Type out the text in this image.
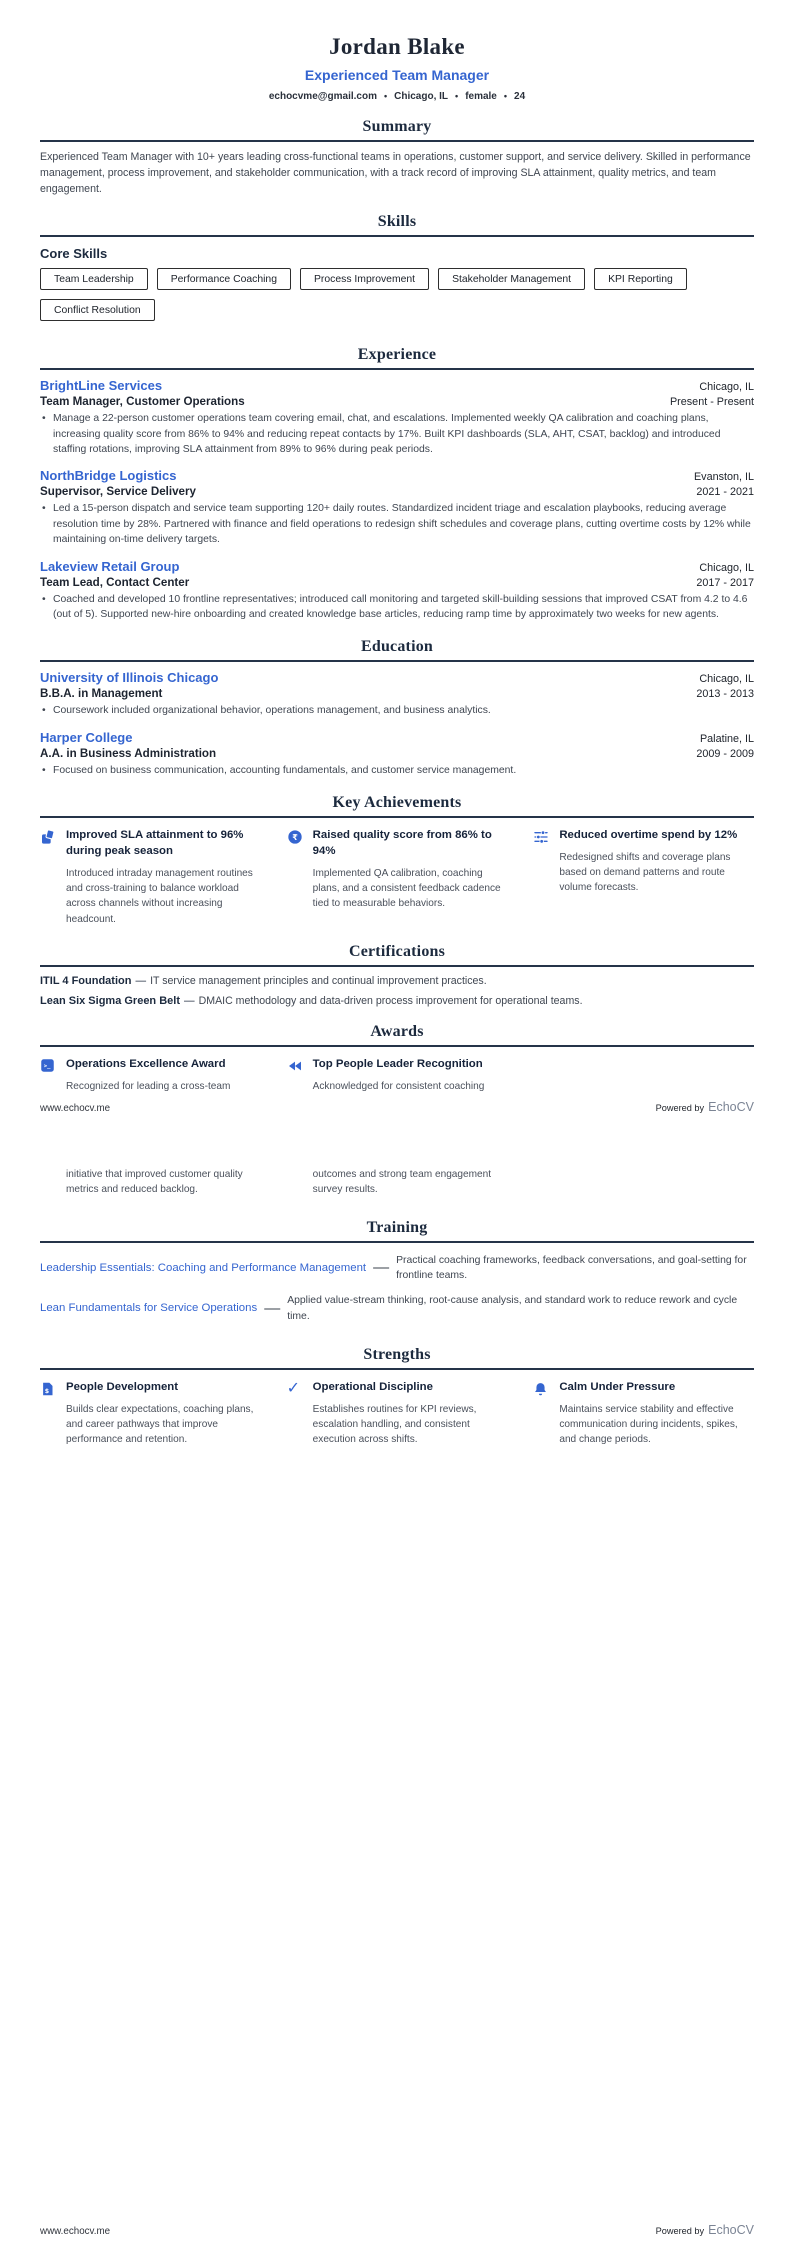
Jordan Blake
Experienced Team Manager
echocvme@gmail.com • Chicago, IL • female • 24
Summary
Experienced Team Manager with 10+ years leading cross-functional teams in operations, customer support, and service delivery. Skilled in performance management, process improvement, and stakeholder communication, with a track record of improving SLA attainment, quality metrics, and team engagement.
Skills
Core Skills
Team Leadership	Performance Coaching	Process Improvement	Stakeholder Management	KPI ReportingConflict Resolution
Experience
BrightLine Services	Chicago, IL
Team Manager, Customer Operations	Present - Present
• Manage a 22-person customer operations team covering email, chat, and escalations. Implemented weekly QA calibration and coaching plans, increasing quality score from 86% to 94% and reducing repeat contacts by 17%. Built KPI dashboards (SLA, AHT, CSAT, backlog) and introduced staffing rotations, improving SLA attainment from 89% to 96% during peak periods.
NorthBridge Logistics	Evanston, IL
Supervisor, Service Delivery	2021 - 2021
• Led a 15-person dispatch and service team supporting 120+ daily routes. Standardized incident triage and escalation playbooks, reducing average resolution time by 28%. Partnered with finance and field operations to redesign shift schedules and coverage plans, cutting overtime costs by 12% while maintaining on-time delivery targets.
Lakeview Retail Group	Chicago, IL
Team Lead, Contact Center	2017 - 2017
• Coached and developed 10 frontline representatives; introduced call monitoring and targeted skill-building sessions that improved CSAT from 4.2 to 4.6 (out of 5). Supported new-hire onboarding and created knowledge base articles, reducing ramp time by approximately two weeks for new agents.
Education
University of Illinois Chicago	Chicago, IL
B.B.A. in Management	2013 - 2013
• Coursework included organizational behavior, operations management, and business analytics.
Harper College	Palatine, IL
A.A. in Business Administration	2009 - 2009
• Focused on business communication, accounting fundamentals, and customer service management.
Key Achievements
Improved SLA attainment to 96% during peak season
Introduced intraday management routines and cross-training to balance workload across channels without increasing headcount.
₹ Raised quality score from 86% to 94%
Implemented QA calibration, coaching plans, and a consistent feedback cadence tied to measurable behaviors.
Reduced overtime spend by 12%
Redesigned shifts and coverage plans based on demand patterns and route volume forecasts.
Certifications
ITIL 4 Foundation — IT service management principles and continual improvement practices.
Lean Six Sigma Green Belt — DMAIC methodology and data-driven process improvement for operational teams.
Awards
>_ Operations Excellence Award
Recognized for leading a cross-team
Top People Leader Recognition
Acknowledged for consistent coaching
www.echocv.me	Powered by EchoCV
initiative that improved customer quality metrics and reduced backlog.
outcomes and strong team engagement survey results.
Training
Leadership Essentials: Coaching and Performance Management — Practical coaching frameworks, feedback conversations, and goal-setting for frontline teams.
Lean Fundamentals for Service Operations — Applied value-stream thinking, root-cause analysis, and standard work to reduce rework and cycle time.
Strengths
$ People Development
Builds clear expectations, coaching plans, and career pathways that improve performance and retention.
✓ Operational Discipline
Establishes routines for KPI reviews, escalation handling, and consistent execution across shifts.
Calm Under Pressure
Maintains service stability and effective communication during incidents, spikes, and change periods.
www.echocv.me	Powered by EchoCV
